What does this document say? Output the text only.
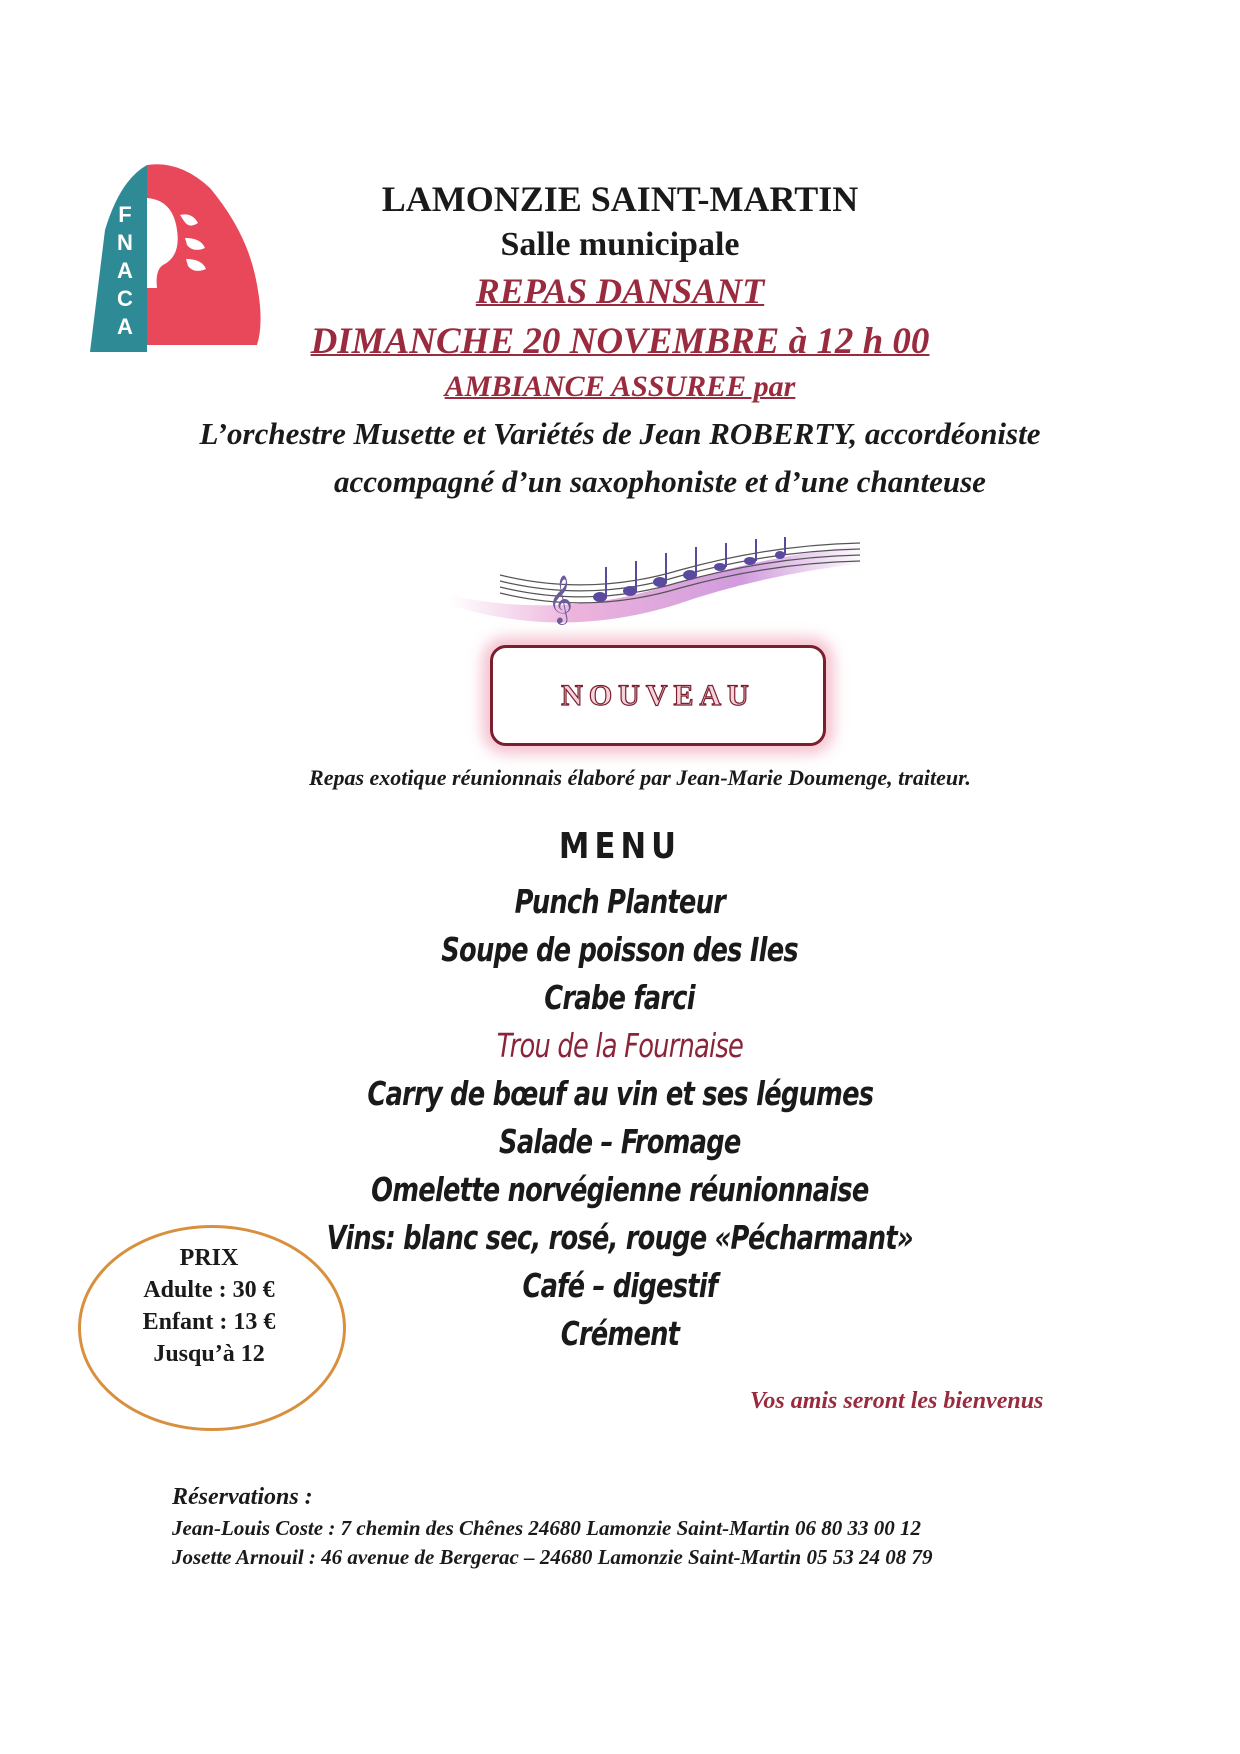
F
N
A
C
A
LAMONZIE SAINT-MARTIN
Salle municipale
REPAS DANSANT
DIMANCHE 20 NOVEMBRE à 12 h 00
AMBIANCE ASSUREE par
L’orchestre Musette et Variétés de Jean ROBERTY, accordéoniste
accompagné d’un saxophoniste et d’une chanteuse
𝄞
NOUVEAU
Repas exotique réunionnais élaboré par Jean-Marie Doumenge, traiteur.
MENU
Punch Planteur
Soupe de poisson des Iles
Crabe farci
Trou de la Fournaise
Carry de bœuf au vin et ses légumes
Salade – Fromage
Omelette norvégienne réunionnaise
Vins: blanc sec, rosé, rouge «Pécharmant»
Café – digestif
Crément
PRIX
Adulte : 30 €
Enfant : 13 €
Jusqu’à 12
Vos amis seront les bienvenus
Réservations :
Jean-Louis Coste : 7 chemin des Chênes 24680 Lamonzie Saint-Martin 06 80 33 00 12
Josette Arnouil : 46 avenue de Bergerac – 24680 Lamonzie Saint-Martin 05 53 24 08 79
